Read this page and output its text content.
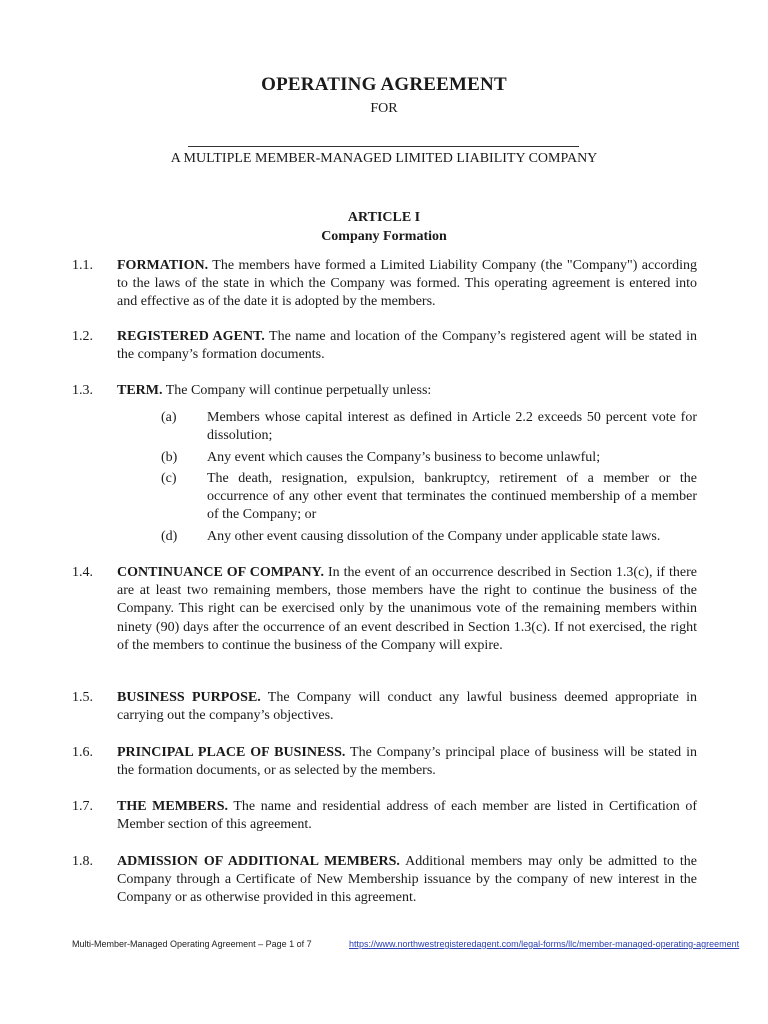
OPERATING AGREEMENT
FOR
A MULTIPLE MEMBER-MANAGED LIMITED LIABILITY COMPANY
ARTICLE I
Company Formation
1.1. FORMATION. The members have formed a Limited Liability Company (the "Company") according to the laws of the state in which the Company was formed. This operating agreement is entered into and effective as of the date it is adopted by the members.
1.2. REGISTERED AGENT. The name and location of the Company’s registered agent will be stated in the company’s formation documents.
1.3. TERM. The Company will continue perpetually unless:
(a) Members whose capital interest as defined in Article 2.2 exceeds 50 percent vote for dissolution;
(b) Any event which causes the Company’s business to become unlawful;
(c) The death, resignation, expulsion, bankruptcy, retirement of a member or the occurrence of any other event that terminates the continued membership of a member of the Company; or
(d) Any other event causing dissolution of the Company under applicable state laws.
1.4. CONTINUANCE OF COMPANY. In the event of an occurrence described in Section 1.3(c), if there are at least two remaining members, those members have the right to continue the business of the Company. This right can be exercised only by the unanimous vote of the remaining members within ninety (90) days after the occurrence of an event described in Section 1.3(c). If not exercised, the right of the members to continue the business of the Company will expire.
1.5. BUSINESS PURPOSE. The Company will conduct any lawful business deemed appropriate in carrying out the company’s objectives.
1.6. PRINCIPAL PLACE OF BUSINESS. The Company’s principal place of business will be stated in the formation documents, or as selected by the members.
1.7. THE MEMBERS. The name and residential address of each member are listed in Certification of Member section of this agreement.
1.8. ADMISSION OF ADDITIONAL MEMBERS. Additional members may only be admitted to the Company through a Certificate of New Membership issuance by the company of new interest in the Company or as otherwise provided in this agreement.
Multi-Member-Managed Operating Agreement – Page 1 of 7	https://www.northwestregisteredagent.com/legal-forms/llc/member-managed-operating-agreement
